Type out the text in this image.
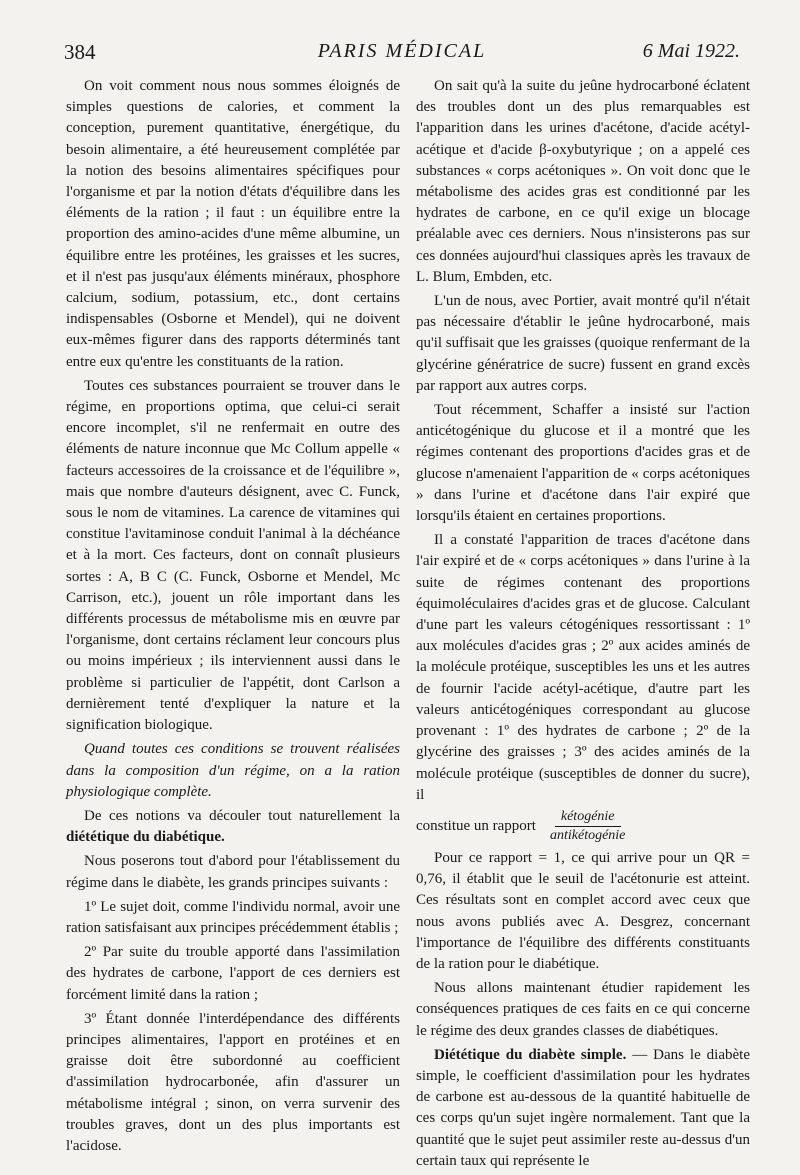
384	PARIS MÉDICAL	6 Mai 1922.

On voit comment nous nous sommes éloignés de simples questions de calories, et comment la conception, purement quantitative, énergétique, du besoin alimentaire, a été heureusement complétée par la notion des besoins alimentaires spécifiques pour l'organisme et par la notion d'états d'équilibre dans les éléments de la ration ; il faut : un équilibre entre la proportion des amino-acides d'une même albumine, un équilibre entre les protéines, les graisses et les sucres, et il n'est pas jusqu'aux éléments minéraux, phosphore calcium, sodium, potassium, etc., dont certains indispensables (Osborne et Mendel), qui ne doivent eux-mêmes figurer dans des rapports déterminés tant entre eux qu'entre les constituants de la ration.

Toutes ces substances pourraient se trouver dans le régime, en proportions optima, que celui-ci serait encore incomplet, s'il ne renfermait en outre des éléments de nature inconnue que Mc Collum appelle « facteurs accessoires de la croissance et de l'équilibre », mais que nombre d'auteurs désignent, avec C. Funck, sous le nom de vitamines. La carence de vitamines qui constitue l'avitaminose conduit l'animal à la déchéance et à la mort. Ces facteurs, dont on connaît plusieurs sortes : A, B C (C. Funck, Osborne et Mendel, Mc Carrison, etc.), jouent un rôle important dans les différents processus de métabolisme mis en œuvre par l'organisme, dont certains réclament leur concours plus ou moins impérieux ; ils interviennent aussi dans le problème si particulier de l'appétit, dont Carlson a dernièrement tenté d'expliquer la nature et la signification biologique.

Quand toutes ces conditions se trouvent réalisées dans la composition d'un régime, on a la ration physiologique complète.

De ces notions va découler tout naturellement la diététique du diabétique.

Nous poserons tout d'abord pour l'établissement du régime dans le diabète, les grands principes suivants :

1º Le sujet doit, comme l'individu normal, avoir une ration satisfaisant aux principes précédemment établis ;

2º Par suite du trouble apporté dans l'assimilation des hydrates de carbone, l'apport de ces derniers est forcément limité dans la ration ;

3º Étant donnée l'interdépendance des différents principes alimentaires, l'apport en protéines et en graisse doit être subordonné au coefficient d'assimilation hydrocarbonée, afin d'assurer un métabolisme intégral ; sinon, on verra survenir des troubles graves, dont un des plus importants est l'acidose.

On sait qu'à la suite du jeûne hydrocarboné éclatent des troubles dont un des plus remarquables est l'apparition dans les urines d'acétone, d'acide acétyl-acétique et d'acide β-oxybutyrique ; on a appelé ces substances « corps acétoniques ». On voit donc que le métabolisme des acides gras est conditionné par les hydrates de carbone, en ce qu'il exige un blocage préalable avec ces derniers. Nous n'insisterons pas sur ces données aujourd'hui classiques après les travaux de L. Blum, Embden, etc.

L'un de nous, avec Portier, avait montré qu'il n'était pas nécessaire d'établir le jeûne hydrocarboné, mais qu'il suffisait que les graisses (quoique renfermant de la glycérine génératrice de sucre) fussent en grand excès par rapport aux autres corps.

Tout récemment, Schaffer a insisté sur l'action anticétogénique du glucose et il a montré que les régimes contenant des proportions d'acides gras et de glucose n'amenaient l'apparition de « corps acétoniques » dans l'urine et d'acétone dans l'air expiré que lorsqu'ils étaient en certaines proportions.

Il a constaté l'apparition de traces d'acétone dans l'air expiré et de « corps acétoniques » dans l'urine à la suite de régimes contenant des proportions équimoléculaires d'acides gras et de glucose. Calculant d'une part les valeurs cétogéniques ressortissant : 1º aux molécules d'acides gras ; 2º aux acides aminés de la molécule protéique, susceptibles les uns et les autres de fournir l'acide acétyl-acétique, d'autre part les valeurs anticétogéniques correspondant au glucose provenant : 1º des hydrates de carbone ; 2º de la glycérine des graisses ; 3º des acides aminés de la molécule protéique (susceptibles de donner du sucre), il

constitue un rapport $\frac{\text{kétogénie}}{\text{antikétogénie}}$

Pour ce rapport = 1, ce qui arrive pour un QR = 0,76, il établit que le seuil de l'acétonurie est atteint. Ces résultats sont en complet accord avec ceux que nous avons publiés avec A. Desgrez, concernant l'importance de l'équilibre des différents constituants de la ration pour le diabétique.

Nous allons maintenant étudier rapidement les conséquences pratiques de ces faits en ce qui concerne le régime des deux grandes classes de diabétiques.

Diététique du diabète simple. — Dans le diabète simple, le coefficient d'assimilation pour les hydrates de carbone est au-dessous de la quantité habituelle de ces corps qu'un sujet ingère normalement. Tant que la quantité que le sujet peut assimiler reste au-dessus d'un certain taux qui représente le
